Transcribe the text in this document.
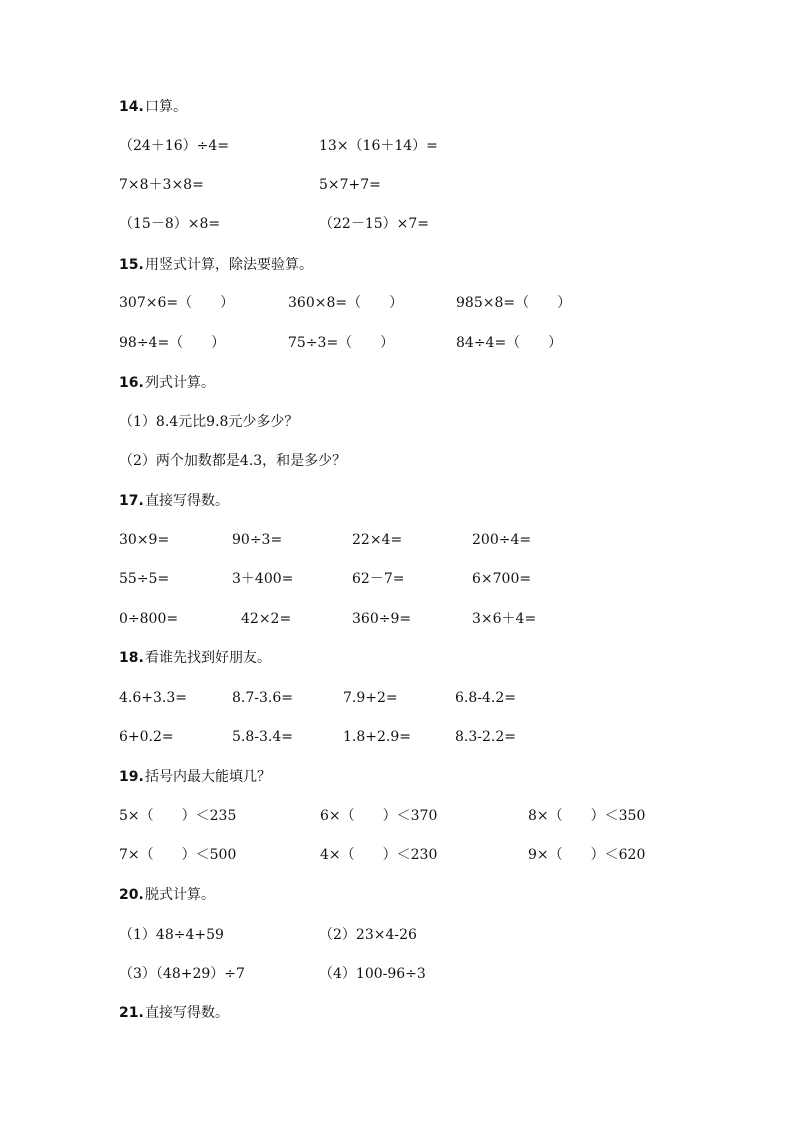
14. 口算。
（24＋16）÷4=	13×（16＋14）=
7×8＋3×8=	5×7+7=
（15－8）×8=	（22－15）×7=
15. 用竖式计算，除法要验算。
307×6=（　　）	360×8=（　　）	985×8=（　　）
98÷4=（　　）	75÷3=（　　）	84÷4=（　　）
16. 列式计算。
（1）8.4元比9.8元少多少？
（2）两个加数都是4.3，和是多少？
17. 直接写得数。
30×9=	90÷3=	22×4=	200÷4=
55÷5=	3＋400=	62－7=	6×700=
0÷800=	42×2=	360÷9=	3×6＋4=
18. 看谁先找到好朋友。
4.6+3.3=	8.7-3.6=	7.9+2=	6.8-4.2=
6+0.2=	5.8-3.4=	1.8+2.9=	8.3-2.2=
19. 括号内最大能填几？
5×（　　）＜235	6×（　　）＜370	8×（　　）＜350
7×（　　）＜500	4×（　　）＜230	9×（　　）＜620
20. 脱式计算。
（1）48÷4+59	（2）23×4-26
（3）（48+29）÷7	（4）100-96÷3
21. 直接写得数。
